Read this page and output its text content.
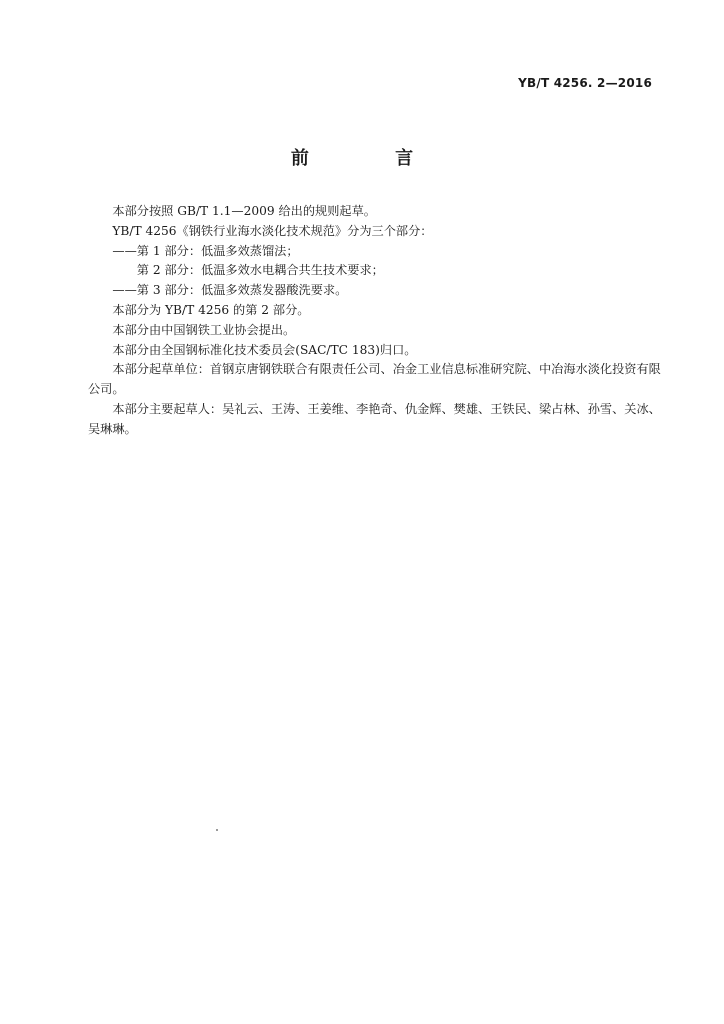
YB/T 4256. 2—2016
前 言

本部分按照 GB/T 1.1—2009 给出的规则起草。

YB/T 4256《钢铁行业海水淡化技术规范》分为三个部分：

——第 1 部分：低温多效蒸馏法；

第 2 部分：低温多效水电耦合共生技术要求；

——第 3 部分：低温多效蒸发器酸洗要求。

本部分为 YB/T 4256 的第 2 部分。

本部分由中国钢铁工业协会提出。

本部分由全国钢标准化技术委员会(SAC/TC 183)归口。

本部分起草单位：首钢京唐钢铁联合有限责任公司、冶金工业信息标准研究院、中冶海水淡化投资有限公司。

本部分主要起草人：吴礼云、王涛、王姜维、李艳奇、仇金辉、樊雄、王铁民、梁占林、孙雪、关冰、吴琳琳。
